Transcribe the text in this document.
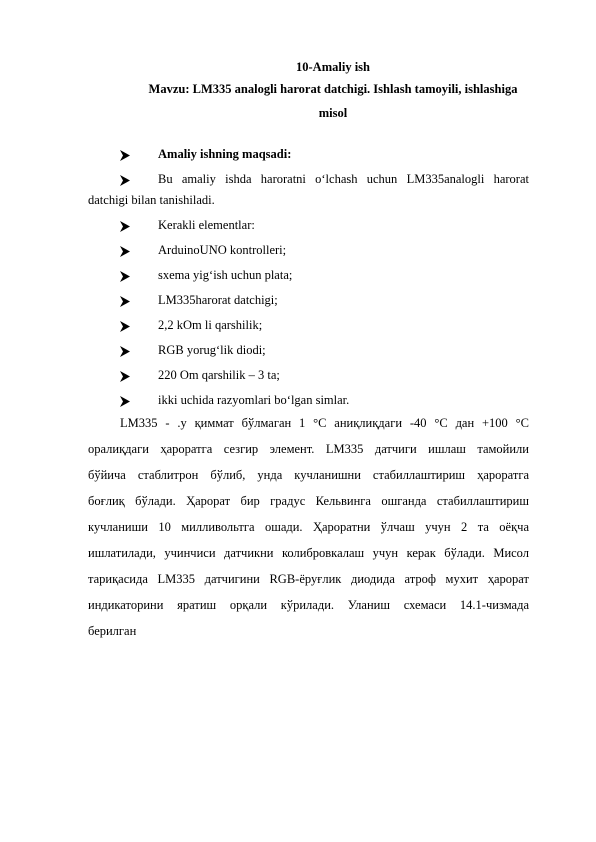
10-Amaliy ish
Mavzu: LM335 analogli harorat datchigi. Ishlash tamoyili, ishlashiga
misol
Amaliy ishning maqsadi:
Bu amaliy ishda haroratni o‘lchash uchun LM335analogli harorat
datchigi bilan tanishiladi.
Kerakli elementlar:
ArduinoUNO kontrolleri;
sxema yig‘ish uchun plata;
LM335harorat datchigi;
2,2 kOm li qarshilik;
RGB yorug‘lik diodi;
220 Om qarshilik – 3 ta;
ikki uchida razyomlari bo‘lgan simlar.
LM335 - .у қиммат бўлмаган 1 °С аниқлиқдаги -40 °С дан +100 °С
оралиқдаги ҳароратга сезгир элемент. LM335 датчиги ишлаш тамойили
бўйича стаблитрон бўлиб, унда кучланишни стабиллаштириш ҳароратга
боғлиқ бўлади. Ҳарорат бир градус Кельвинга ошганда стабиллаштириш
кучланиши 10 милливольтга ошади. Ҳароратни ўлчаш учун 2 та оёқча
ишлатилади, учинчиси датчикни колибровкалаш учун керак бўлади. Мисол
тариқасида LM335 датчигини RGB-ёруғлик диодида атроф мухит ҳарорат
индикаторини яратиш орқали кўрилади. Уланиш схемаси 14.1-чизмада
берилган
